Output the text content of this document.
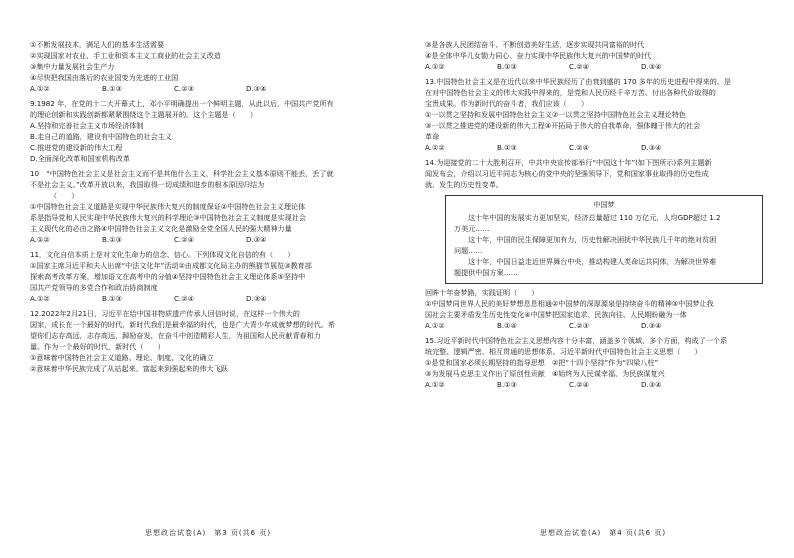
①不断发展技术，满足人们的基本生活需要
②实现国家对农业、手工业和资本主义工商业的社会主义改造
③集中力量发展社会生产力
④尽快把我国由落后的农业国变为先进的工业国
A.①②	B.①③	C.②③	D.③④
9.1982 年，在党的十二大开幕式上，邓小平明确提出一个鲜明主题，从此以后，中国共产党所有
的理论创新和实践创新都紧紧围绕这个主题展开的。这个主题是（　　）
A.坚持和完善社会主义市场经济体制
B.走自己的道路，建设有中国特色的社会主义
C.推进党的建设新的伟大工程
D.全面深化改革和国家机构改革
10　“中国特色社会主义是社会主义而不是其他什么主义，科学社会主义基本原则不能丢，丢了就
不是社会主义。”改革开放以来，我国取得一切成绩和进步的根本原因归结为
（　　）
①中国特色社会主义道路是实现中华民族伟大复兴的制度保证②中国特色社会主义理论体
系是指导党和人民实现中华民族伟大复兴的科学理论③中国特色社会主义制度是实现社会
主义现代化的必由之路④中国特色社会主义文化是激励全党全国人民的强大精神力量
A.①②	B.①③	C.②④	D.③④
11．文化自信本质上是对文化生命力的信念、信心。下列体现文化自信的有（　　）
①国家主席习近平和夫人出席“中法文化年”活动②由成都文化局主办的熊猫节展览③教育部
探索高考改革方案，增加语文在高考中的分值④坚持中国特色社会主义理论体系⑤坚持中
国共产党领导的多党合作和政治协商制度
A.①②	B.①③	C.②④	D.③④
12.2022年2月21日，习近平在给中国非物质遗产传承人回信时说，在这样一个伟大的
国家，成长在一个最好的时代，新时代我们是最幸福的时代，也是广大青少年成就梦想的时代。希
望你们志存高远，志存高远，踔励奋发，在奋斗中创造精彩人生，为祖国和人民贡献青春和力
量。作为一个最好的时代，新时代（　　）
①意味着中国特色社会主义道路、理论、制度、文化的确立
②意味着中华民族完成了从站起来、富起来到强起来的伟大飞跃
③是各族人民团结奋斗、不断创造美好生活，逐步实现共同富裕的时代
④是全体中华儿女勠力同心、奋力实现中华民族伟大复兴的中国梦的时代
A.①②	B.①③	C.②④	D.③④
13.中国特色社会主义是在近代以来中华民族经历了由衰到盛的 170 多年的历史进程中得来的，是
在对中国特色社会主义的伟大实践中得来的，是党和人民历经千辛万苦、付出各种代价取得的
宝贵成果。作为新时代的奋斗者，我们应该（　　）
①一以贯之坚持和发展中国特色社会主义②一以贯之坚持中国特色社会主义理论特色
③一以贯之推进党的建设新的伟大工程④开拓局于伟大的自我革命，强体魄于伟大的社会
革命
A.①②	B.①③	C.②④	D.③④
14.为迎接党的二十大胜利召开，中共中央宣传部举行“中国这十年”(如下图所示)系列主题新
闻发布会，介绍以习近平同志为核心的党中央的坚强领导下，党和国家事业取得的历史性成
就、发生的历史性变革。
中国梦
这十年中国的发展实力更加坚实，经济总量超过 110 万亿元，人均GDP超过 1.2
万美元……
这十年，中国的民生保障更加有力，历史性解决困扰中华民族几千年的绝对贫困
问题……
这十年，中国日益走近世界舞台中央，推动构建人类命运共同体，为解决世界难
题提供中国方案……
回眸十年奋梦路，实践证明（　　）
①中国梦同世界人民的美好梦想息息相通②中国梦的深厚源泉是持续奋斗的精神③中国梦让我
国社会主要矛盾发生历史性变化④中国梦把国家追求、民族向往、人民期盼融为一体
A.①②	B.①④	C.②③	D.③④
15.习近平新时代中国特色社会主义思想内容十分丰富，涵盖多个领域、多个方面，构成了一个系
统完整、逻辑严密、相互贯通的思想体系。习近平新时代中国特色社会主义思想（　　）
①是党和国家必须长期坚持的指导思想　②把“十四个坚持”作为“四梁八柱”
③为发展马克思主义作出了原创性贡献　④始终为人民谋幸福、为民族谋复兴
A.①②	B.①③	C.②④	D.③④
思想政治试卷(A)　第3 页(共6 页)	思想政治试卷(A)　第4 页(共6 页)
